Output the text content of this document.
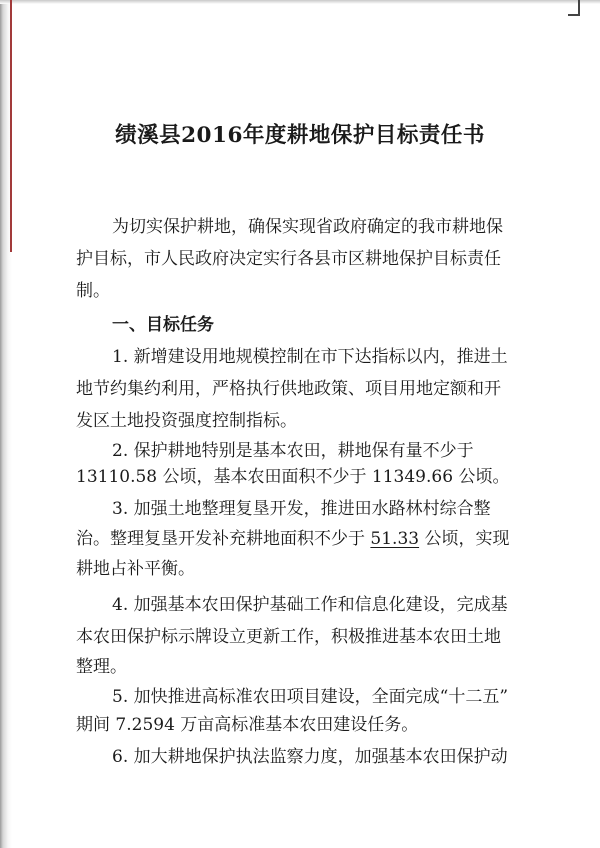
绩溪县2016年度耕地保护目标责任书

为切实保护耕地，确保实现省政府确定的我市耕地保

护目标，市人民政府决定实行各县市区耕地保护目标责任

制。

一、目标任务

1. 新增建设用地规模控制在市下达指标以内，推进土

地节约集约利用，严格执行供地政策、项目用地定额和开

发区土地投资强度控制指标。

2. 保护耕地特别是基本农田，耕地保有量不少于

13110.58 公顷，基本农田面积不少于 11349.66 公顷。

3. 加强土地整理复垦开发，推进田水路林村综合整

治。整理复垦开发补充耕地面积不少于 51.33 公顷，实现

耕地占补平衡。

4. 加强基本农田保护基础工作和信息化建设，完成基

本农田保护标示牌设立更新工作，积极推进基本农田土地

整理。

5. 加快推进高标准农田项目建设，全面完成“十二五”

期间 7.2594 万亩高标准基本农田建设任务。

6. 加大耕地保护执法监察力度，加强基本农田保护动
